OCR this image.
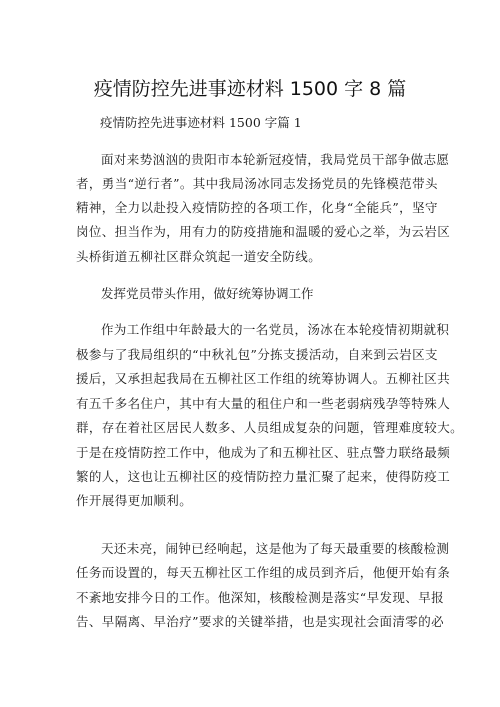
疫情防控先进事迹材料 1500 字 8 篇
疫情防控先进事迹材料 1500 字篇 1
面对来势汹汹的贵阳市本轮新冠疫情，我局党员干部争做志愿
者，勇当“逆行者”。其中我局汤冰同志发扬党员的先锋模范带头
精神，全力以赴投入疫情防控的各项工作，化身“全能兵”，坚守
岗位、担当作为，用有力的防疫措施和温暖的爱心之举，为云岩区
头桥街道五柳社区群众筑起一道安全防线。
发挥党员带头作用，做好统筹协调工作
作为工作组中年龄最大的一名党员，汤冰在本轮疫情初期就积
极参与了我局组织的“中秋礼包”分拣支援活动，自来到云岩区支
援后，又承担起我局在五柳社区工作组的统筹协调人。五柳社区共
有五千多名住户，其中有大量的租住户和一些老弱病残孕等特殊人
群，存在着社区居民人数多、人员组成复杂的问题，管理难度较大。
于是在疫情防控工作中，他成为了和五柳社区、驻点警力联络最频
繁的人，这也让五柳社区的疫情防控力量汇聚了起来，使得防疫工
作开展得更加顺利。
天还未亮，闹钟已经响起，这是他为了每天最重要的核酸检测
任务而设置的，每天五柳社区工作组的成员到齐后，他便开始有条
不紊地安排今日的工作。他深知，核酸检测是落实“早发现、早报
告、早隔离、早治疗”要求的关键举措，也是实现社会面清零的必
